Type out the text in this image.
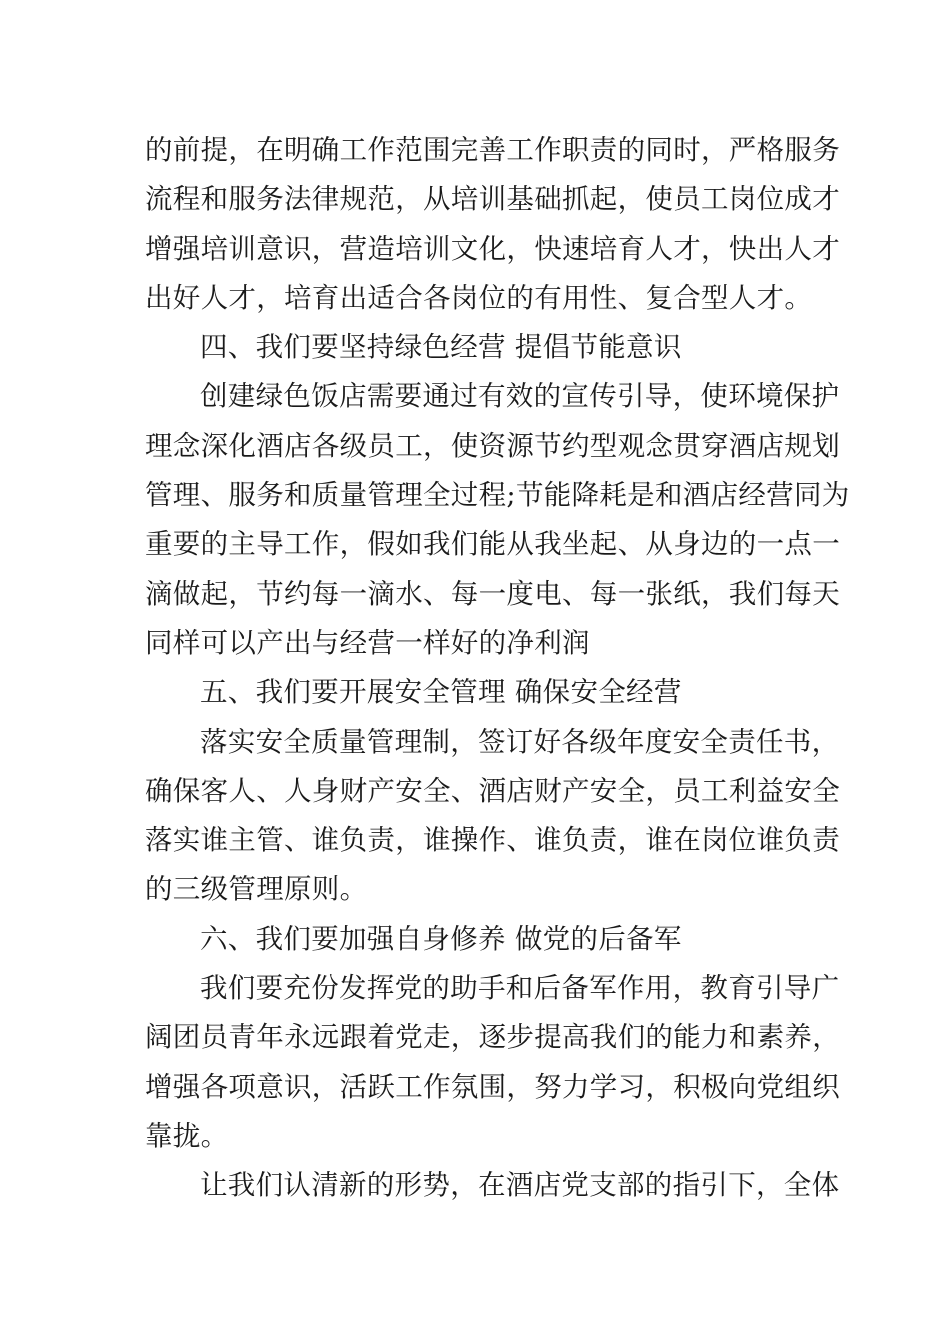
的前提，在明确工作范围完善工作职责的同时，严格服务
流程和服务法律规范，从培训基础抓起，使员工岗位成才
增强培训意识，营造培训文化，快速培育人才，快出人才
出好人才，培育出适合各岗位的有用性、复合型人才。
四、我们要坚持绿色经营 提倡节能意识
创建绿色饭店需要通过有效的宣传引导，使环境保护
理念深化酒店各级员工，使资源节约型观念贯穿酒店规划
管理、服务和质量管理全过程;节能降耗是和酒店经营同为
重要的主导工作，假如我们能从我坐起、从身边的一点一
滴做起，节约每一滴水、每一度电、每一张纸，我们每天
同样可以产出与经营一样好的净利润
五、我们要开展安全管理 确保安全经营
落实安全质量管理制，签订好各级年度安全责任书，
确保客人、人身财产安全、酒店财产安全，员工利益安全
落实谁主管、谁负责，谁操作、谁负责，谁在岗位谁负责
的三级管理原则。
六、我们要加强自身修养 做党的后备军
我们要充份发挥党的助手和后备军作用，教育引导广
阔团员青年永远跟着党走，逐步提高我们的能力和素养，
增强各项意识，活跃工作氛围，努力学习，积极向党组织
靠拢。
让我们认清新的形势，在酒店党支部的指引下，全体
